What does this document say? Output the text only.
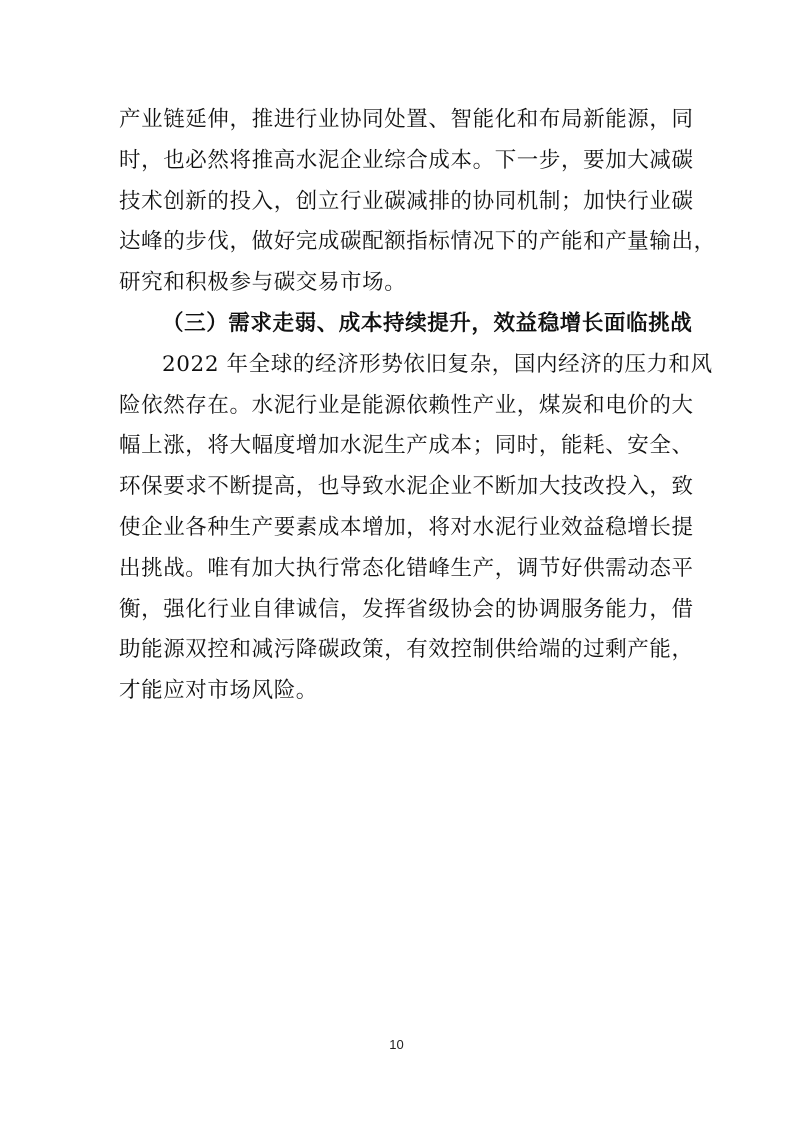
产业链延伸，推进行业协同处置、智能化和布局新能源，同
时，也必然将推高水泥企业综合成本。下一步，要加大减碳
技术创新的投入，创立行业碳减排的协同机制；加快行业碳
达峰的步伐，做好完成碳配额指标情况下的产能和产量输出，
研究和积极参与碳交易市场。
（三）需求走弱、成本持续提升，效益稳增长面临挑战
2022 年全球的经济形势依旧复杂，国内经济的压力和风
险依然存在。水泥行业是能源依赖性产业，煤炭和电价的大
幅上涨，将大幅度增加水泥生产成本；同时，能耗、安全、
环保要求不断提高，也导致水泥企业不断加大技改投入，致
使企业各种生产要素成本增加，将对水泥行业效益稳增长提
出挑战。唯有加大执行常态化错峰生产，调节好供需动态平
衡，强化行业自律诚信，发挥省级协会的协调服务能力，借
助能源双控和减污降碳政策，有效控制供给端的过剩产能，
才能应对市场风险。
10
